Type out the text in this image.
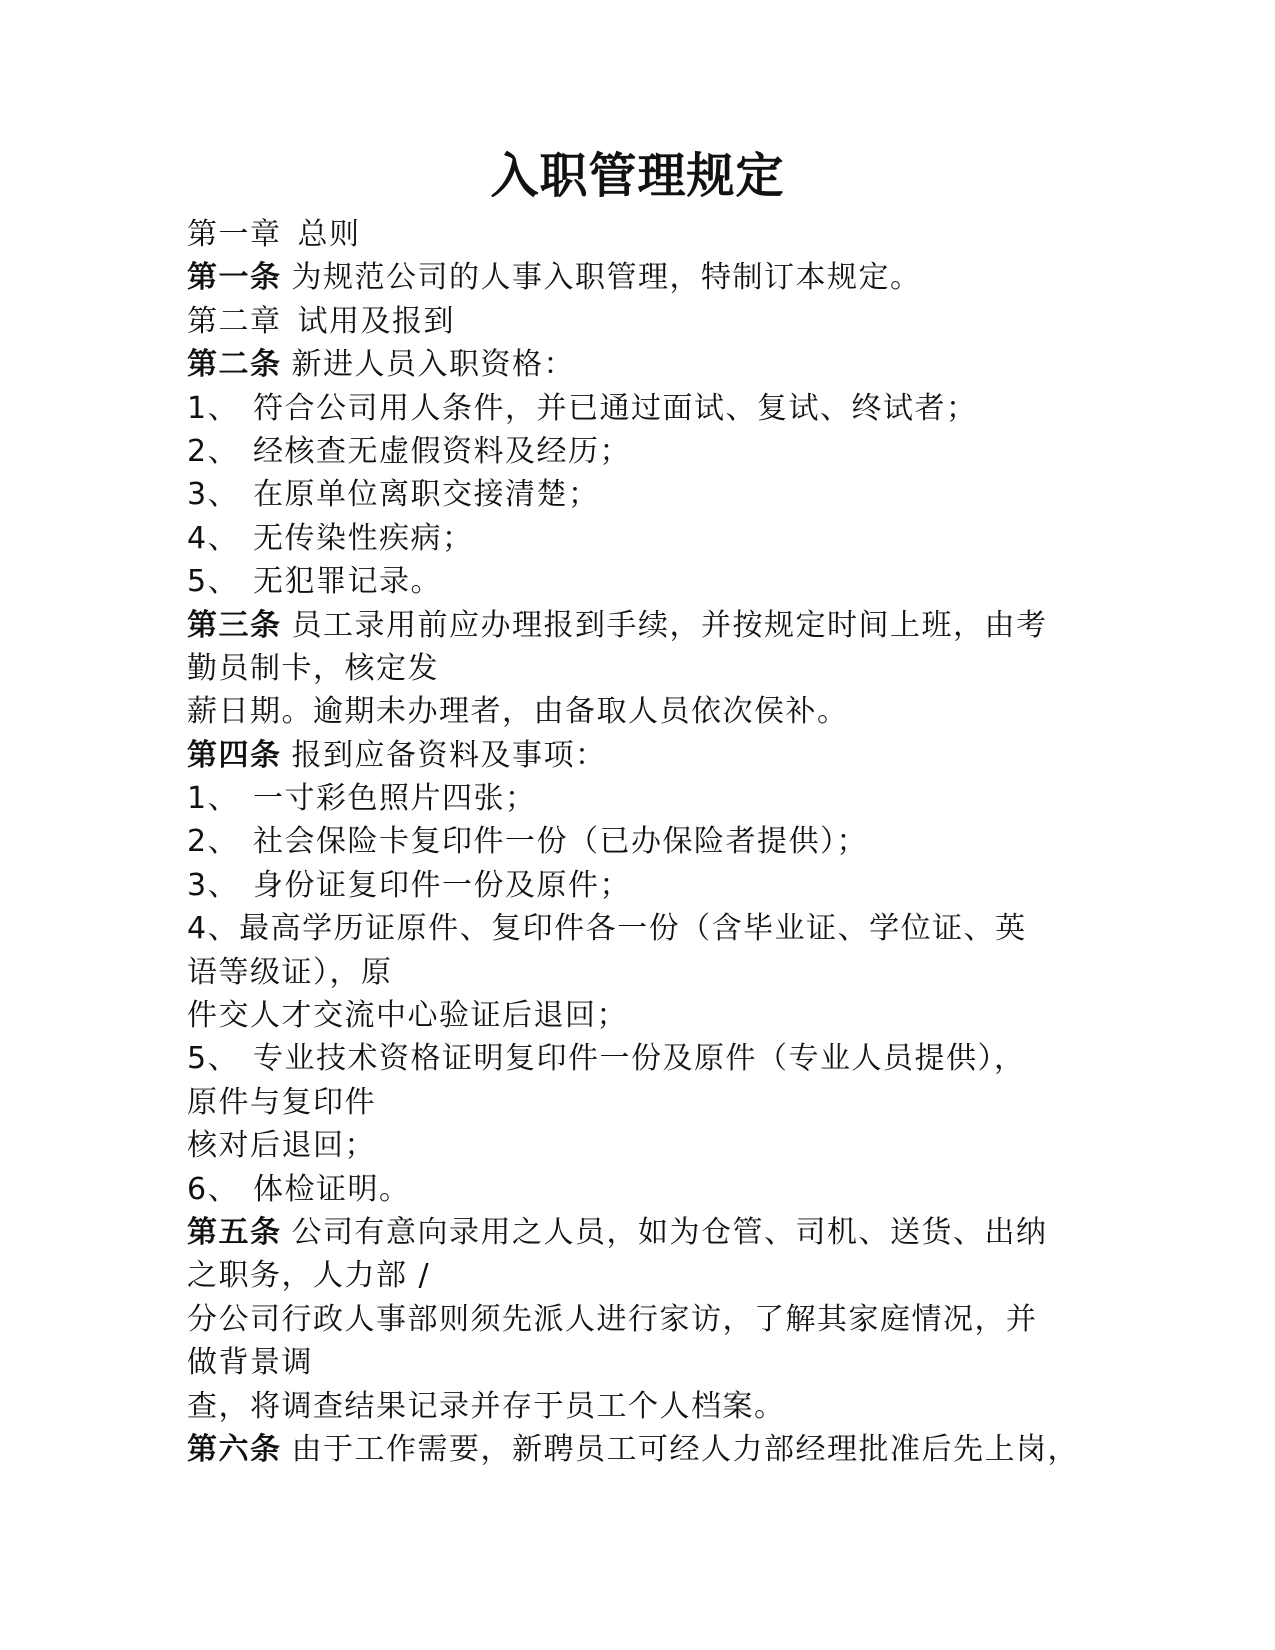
入职管理规定
第一章 总则
第一条 为规范公司的人事入职管理，特制订本规定。
第二章 试用及报到
第二条 新进人员入职资格：
1、 符合公司用人条件，并已通过面试、复试、终试者；
2、 经核查无虚假资料及经历；
3、 在原单位离职交接清楚；
4、 无传染性疾病；
5、 无犯罪记录。
第三条 员工录用前应办理报到手续，并按规定时间上班，由考
勤员制卡，核定发
薪日期。逾期未办理者，由备取人员依次侯补。
第四条 报到应备资料及事项：
1、 一寸彩色照片四张；
2、 社会保险卡复印件一份（已办保险者提供）；
3、 身份证复印件一份及原件；
4、最高学历证原件、复印件各一份（含毕业证、学位证、英
语等级证），原
件交人才交流中心验证后退回；
5、 专业技术资格证明复印件一份及原件（专业人员提供），
原件与复印件
核对后退回；
6、 体检证明。
第五条 公司有意向录用之人员，如为仓管、司机、送货、出纳
之职务，人力部 /
分公司行政人事部则须先派人进行家访，了解其家庭情况，并
做背景调
查，将调查结果记录并存于员工个人档案。
第六条 由于工作需要，新聘员工可经人力部经理批准后先上岗，
